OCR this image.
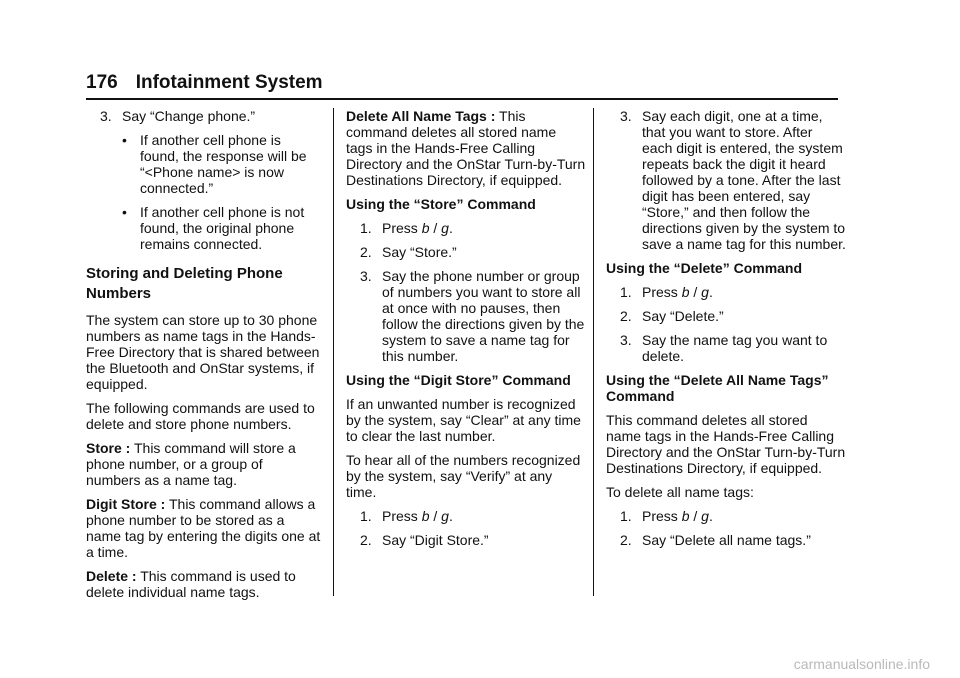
176 Infotainment System
3. Say “Change phone.”
• If another cell phone is found, the response will be “<Phone name> is now connected.”
• If another cell phone is not found, the original phone remains connected.
Storing and Deleting Phone Numbers

The system can store up to 30 phone numbers as name tags in the Hands-Free Directory that is shared between the Bluetooth and OnStar systems, if equipped.

The following commands are used to delete and store phone numbers.

Store : This command will store a phone number, or a group of numbers as a name tag.

Digit Store : This command allows a phone number to be stored as a name tag by entering the digits one at a time.

Delete : This command is used to delete individual name tags.

Delete All Name Tags : This command deletes all stored name tags in the Hands-Free Calling Directory and the OnStar Turn-by-Turn Destinations Directory, if equipped.

Using the “Store” Command

1. Press b / g.
2. Say “Store.”
3. Say the phone number or group of numbers you want to store all at once with no pauses, then follow the directions given by the system to save a name tag for this number.

Using the “Digit Store” Command

If an unwanted number is recognized by the system, say “Clear” at any time to clear the last number.

To hear all of the numbers recognized by the system, say “Verify” at any time.

1. Press b / g.
2. Say “Digit Store.”
3. Say each digit, one at a time, that you want to store. After each digit is entered, the system repeats back the digit it heard followed by a tone. After the last digit has been entered, say “Store,” and then follow the directions given by the system to save a name tag for this number.

Using the “Delete” Command

1. Press b / g.
2. Say “Delete.”
3. Say the name tag you want to delete.

Using the “Delete All Name Tags” Command

This command deletes all stored name tags in the Hands-Free Calling Directory and the OnStar Turn-by-Turn Destinations Directory, if equipped.

To delete all name tags:

1. Press b / g.
2. Say “Delete all name tags.”
carmanualsonline.info
